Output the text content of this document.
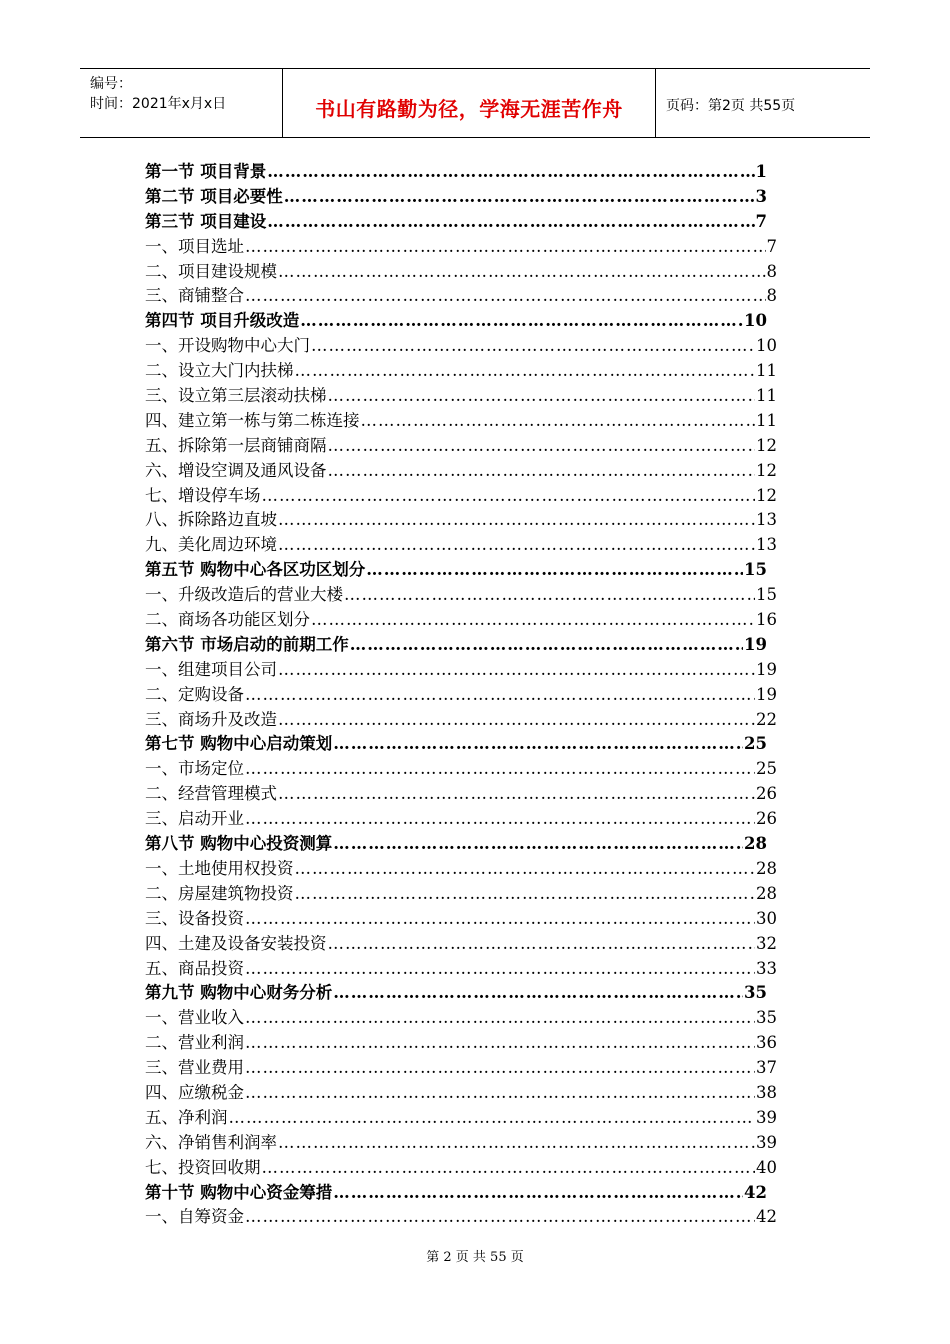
编号：
时间：2021年x月x日	书山有路勤为径，学海无涯苦作舟	页码：第2页 共55页
第一节 项目背景 ……………………………………………………………………………………………………………………………………	1
第二节 项目必要性 ……………………………………………………………………………………………………………………………………	3
第三节 项目建设 ……………………………………………………………………………………………………………………………………	7
一、项目选址 ……………………………………………………………………………………………………………………………………	7
二、项目建设规模 ……………………………………………………………………………………………………………………………………	8
三、商铺整合 ……………………………………………………………………………………………………………………………………	8
第四节 项目升级改造 ……………………………………………………………………………………………………………………………………	10
一、开设购物中心大门 ……………………………………………………………………………………………………………………………………	10
二、设立大门内扶梯 ……………………………………………………………………………………………………………………………………	11
三、设立第三层滚动扶梯 ……………………………………………………………………………………………………………………………………	11
四、建立第一栋与第二栋连接 ……………………………………………………………………………………………………………………………………	11
五、拆除第一层商铺商隔 ……………………………………………………………………………………………………………………………………	12
六、增设空调及通风设备 ……………………………………………………………………………………………………………………………………	12
七、增设停车场 ……………………………………………………………………………………………………………………………………	12
八、拆除路边直坡 ……………………………………………………………………………………………………………………………………	13
九、美化周边环境 ……………………………………………………………………………………………………………………………………	13
第五节 购物中心各区功区划分 ……………………………………………………………………………………………………………………………………	15
一、升级改造后的营业大楼 ……………………………………………………………………………………………………………………………………	15
二、商场各功能区划分 ……………………………………………………………………………………………………………………………………	16
第六节 市场启动的前期工作 ……………………………………………………………………………………………………………………………………	19
一、组建项目公司 ……………………………………………………………………………………………………………………………………	19
二、定购设备 ……………………………………………………………………………………………………………………………………	19
三、商场升及改造 ……………………………………………………………………………………………………………………………………	22
第七节 购物中心启动策划 ……………………………………………………………………………………………………………………………………	25
一、市场定位 ……………………………………………………………………………………………………………………………………	25
二、经营管理模式 ……………………………………………………………………………………………………………………………………	26
三、启动开业 ……………………………………………………………………………………………………………………………………	26
第八节 购物中心投资测算 ……………………………………………………………………………………………………………………………………	28
一、土地使用权投资 ……………………………………………………………………………………………………………………………………	28
二、房屋建筑物投资 ……………………………………………………………………………………………………………………………………	28
三、设备投资 ……………………………………………………………………………………………………………………………………	30
四、土建及设备安装投资 ……………………………………………………………………………………………………………………………………	32
五、商品投资 ……………………………………………………………………………………………………………………………………	33
第九节 购物中心财务分析 ……………………………………………………………………………………………………………………………………	35
一、营业收入 ……………………………………………………………………………………………………………………………………	35
二、营业利润 ……………………………………………………………………………………………………………………………………	36
三、营业费用 ……………………………………………………………………………………………………………………………………	37
四、应缴税金 ……………………………………………………………………………………………………………………………………	38
五、净利润 ……………………………………………………………………………………………………………………………………	39
六、净销售利润率 ……………………………………………………………………………………………………………………………………	39
七、投资回收期 ……………………………………………………………………………………………………………………………………	40
第十节 购物中心资金筹措 ……………………………………………………………………………………………………………………………………	42
一、自筹资金 ……………………………………………………………………………………………………………………………………	42
第 2 页 共 55 页
